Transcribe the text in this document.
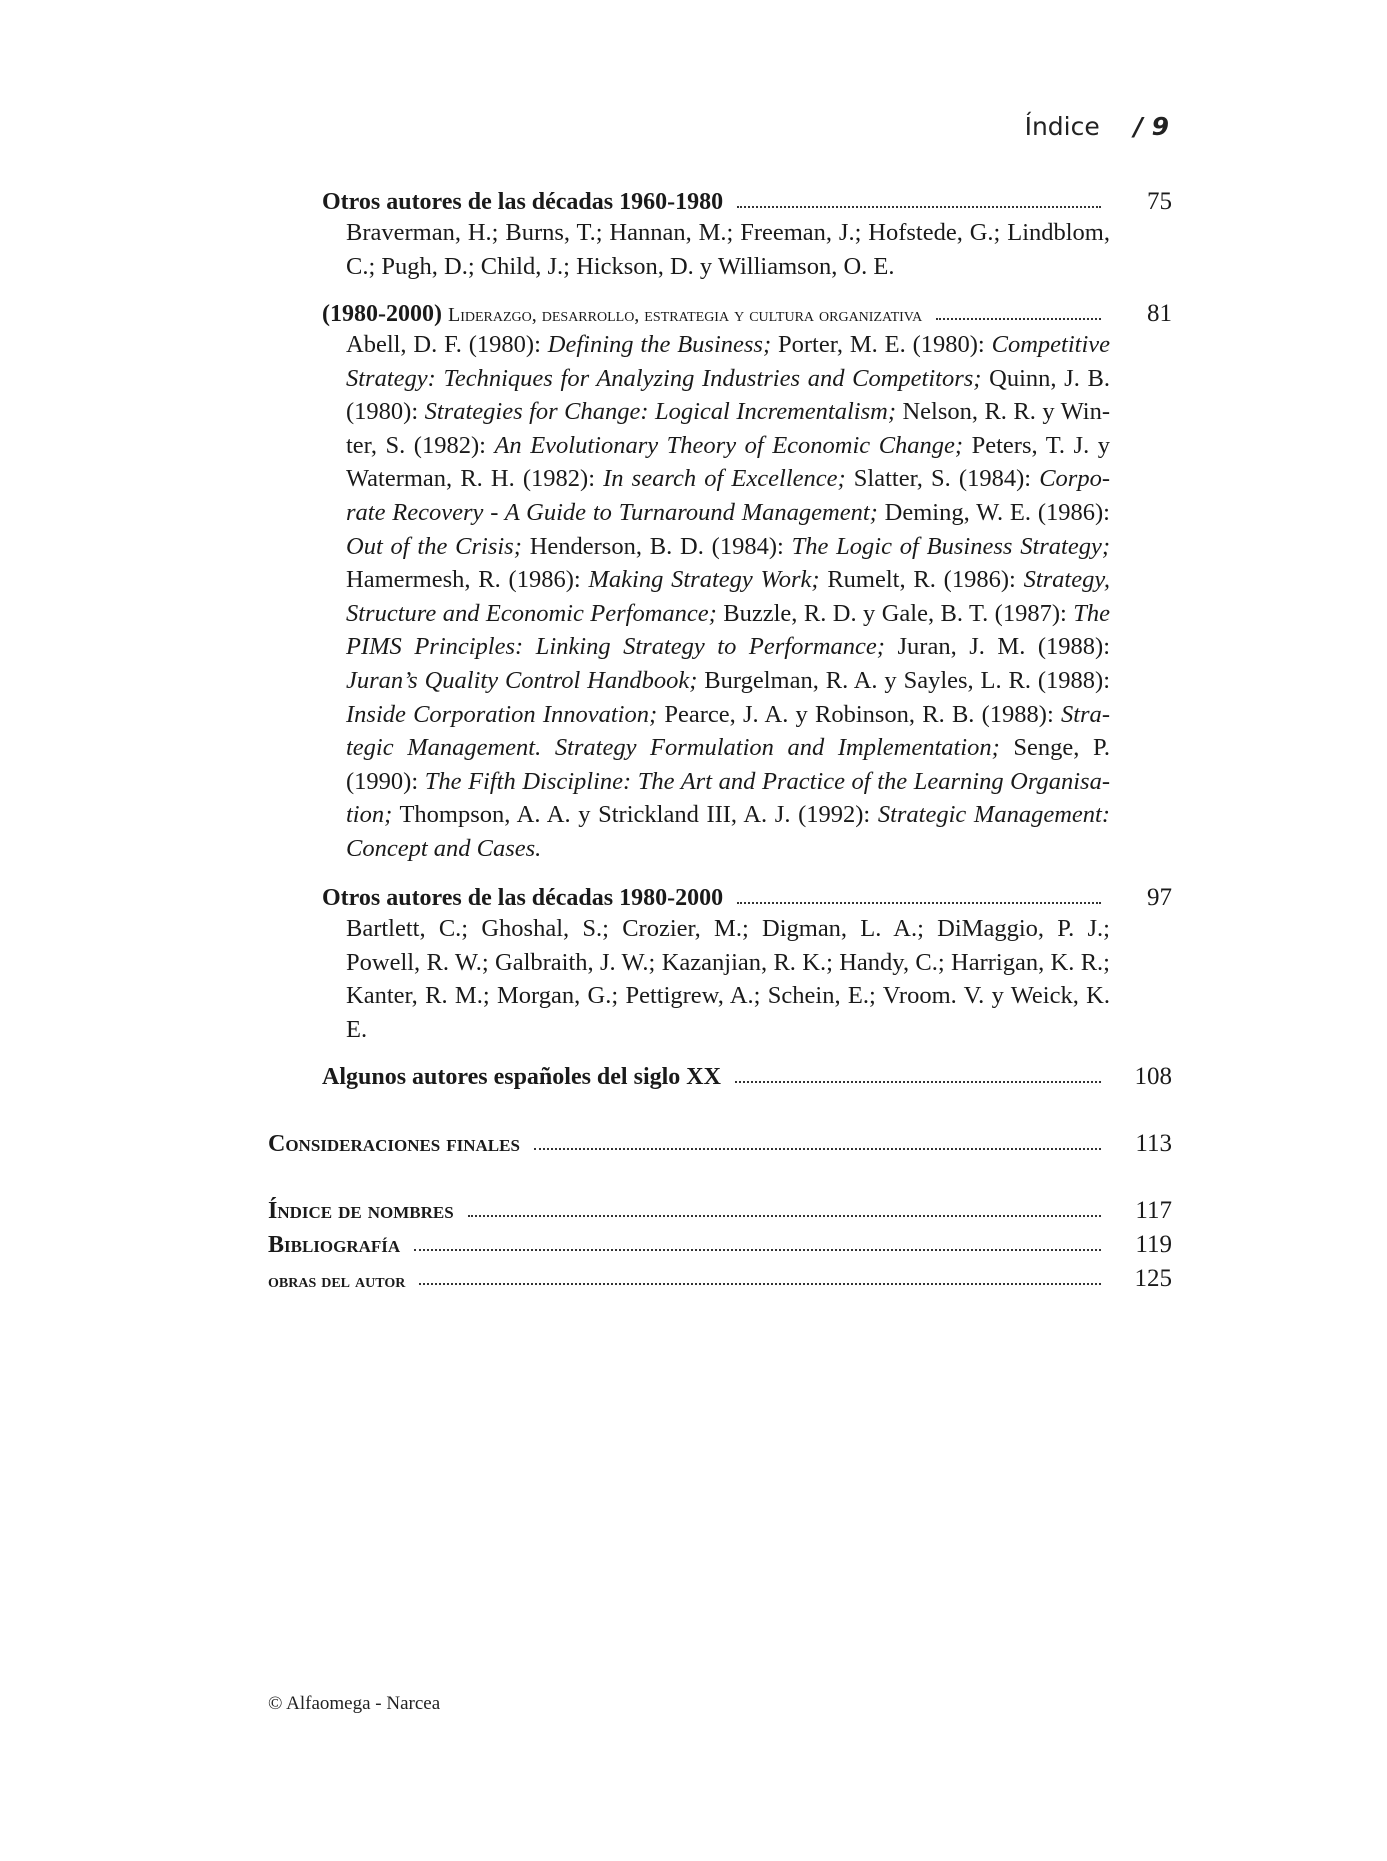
Índice / 9
Otros autores de las décadas 1960-1980	75
Braverman, H.; Burns, T.; Hannan, M.; Freeman, J.; Hofstede, G.; Lindblom, C.; Pugh, D.; Child, J.; Hickson, D. y Williamson, O. E.
(1980-2000) Liderazgo, desarrollo, estrategia y cultura organizativa	81
Abell, D. F. (1980): Defining the Business; Porter, M. E. (1980): Competitive Strategy: Techniques for Analyzing Industries and Competitors; Quinn, J. B. (1980): Strategies for Change: Logical Incrementalism; Nelson, R. R. y Winter, S. (1982): An Evolutionary Theory of Economic Change; Peters, T. J. y Waterman, R. H. (1982): In search of Excellence; Slatter, S. (1984): Corporate Recovery - A Guide to Turnaround Management; Deming, W. E. (1986): Out of the Crisis; Henderson, B. D. (1984): The Logic of Business Strategy; Hamermesh, R. (1986): Making Strategy Work; Rumelt, R. (1986): Strategy, Structure and Economic Perfomance; Buzzle, R. D. y Gale, B. T. (1987): The PIMS Principles: Linking Strategy to Performance; Juran, J. M. (1988): Juran’s Quality Control Handbook; Burgelman, R. A. y Sayles, L. R. (1988): Inside Corporation Innovation; Pearce, J. A. y Robinson, R. B. (1988): Strategic Management. Strategy Formulation and Implementation; Senge, P. (1990): The Fifth Discipline: The Art and Practice of the Learning Organisation; Thompson, A. A. y Strickland III, A. J. (1992): Strategic Management: Concept and Cases.
Otros autores de las décadas 1980-2000	97
Bartlett, C.; Ghoshal, S.; Crozier, M.; Digman, L. A.; DiMaggio, P. J.; Powell, R. W.; Galbraith, J. W.; Kazanjian, R. K.; Handy, C.; Harrigan, K. R.; Kanter, R. M.; Morgan, G.; Pettigrew, A.; Schein, E.; Vroom. V. y Weick, K. E.
Algunos autores españoles del siglo XX	108
Consideraciones finales	113
Índice de nombres	117
Bibliografía	119
obras del autor	125
© Alfaomega - Narcea
